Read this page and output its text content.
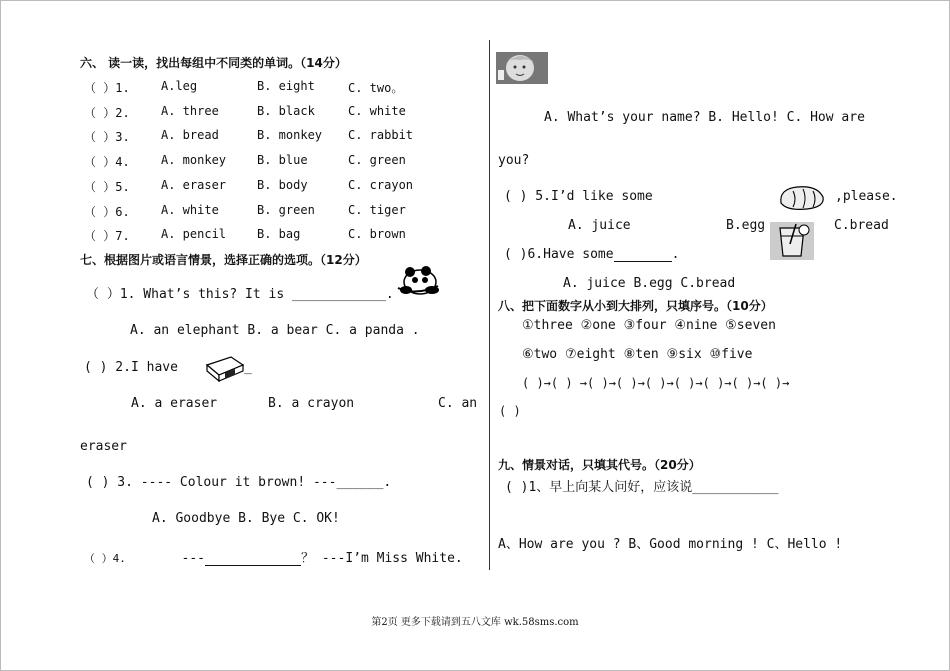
六、 读一读，找出每组中不同类的单词。（14分）
（ ）1.	A.leg	B. eight	C. two。
（ ）2.	A. three	B. black	C. white
（ ）3.	A. bread	B. monkey C. rabbit
（ ）4.	A. monkey	B. blue	C. green
（ ）5.	A. eraser	B. body	C. crayon
（ ）6.	A. white	B. green	C. tiger
（ ）7.	A. pencil	B. bag	C. brown
七、根据图片或语言情景，选择正确的选项。（12分）
（ ）1. What’s this? It is ____________.
A. an elephant B. a bear C. a panda .
( ) 2.I have	_
A. a eraser	B. a crayon	C. an
eraser
( ) 3. ---- Colour it brown! ---______.
A. Goodbye B. Bye C. OK!
（ ）4.	---	？ ---I’m Miss White.
A. What’s your name? B. Hello! C. How are
you?
( ) 5.I’d like some	,please.
A. juice	B.egg	C.bread
( )6.Have some	.
A. juice B.egg C.bread
八、把下面数字从小到大排列，只填序号。（10分）
①three ②one ③four ④nine ⑤seven
⑥two ⑦eight ⑧ten ⑨six ⑩five
( )→( ) →( )→( )→( )→( )→( )→( )→( )→
( )
九、情景对话，只填其代号。（20分）
( )1、早上向某人问好，应该说___________
A、How are you ? B、Good morning ! C、Hello !
第2页 更多下载请到五八文库 wk.58sms.com
